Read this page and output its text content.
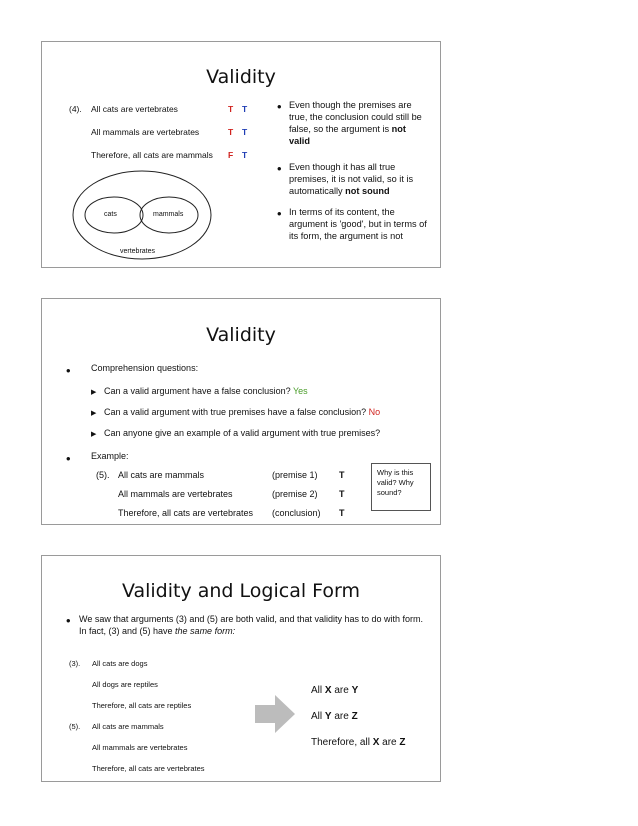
Validity
(4). All cats are vertebrates	T T
All mammals are vertebrates	T T
Therefore, all cats are mammals F T
cats	mammals
vertebrates
• Even though the premises are true, the conclusion could still be false, so the argument is not valid
• Even though it has all true premises, it is not valid, so it is automatically not sound
• In terms of its content, the argument is 'good', but in terms of its form, the argument is not
Validity
• Comprehension questions:
▶ Can a valid argument have a false conclusion? Yes
▶ Can a valid argument with true premises have a false conclusion? No
▶ Can anyone give an example of a valid argument with true premises?
• Example:
(5). All cats are mammals	(premise 1) T
All mammals are vertebrates	(premise 2) T
Therefore, all cats are vertebrates (conclusion) T
Why is this valid? Why sound?
Validity and Logical Form
• We saw that arguments (3) and (5) are both valid, and that validity has to do with form. In fact, (3) and (5) have the same form:
(3). All cats are dogs
All dogs are reptiles
Therefore, all cats are reptiles
(5). All cats are mammals
All mammals are vertebrates
Therefore, all cats are vertebrates
All X are Y
All Y are Z
Therefore, all X are Z
